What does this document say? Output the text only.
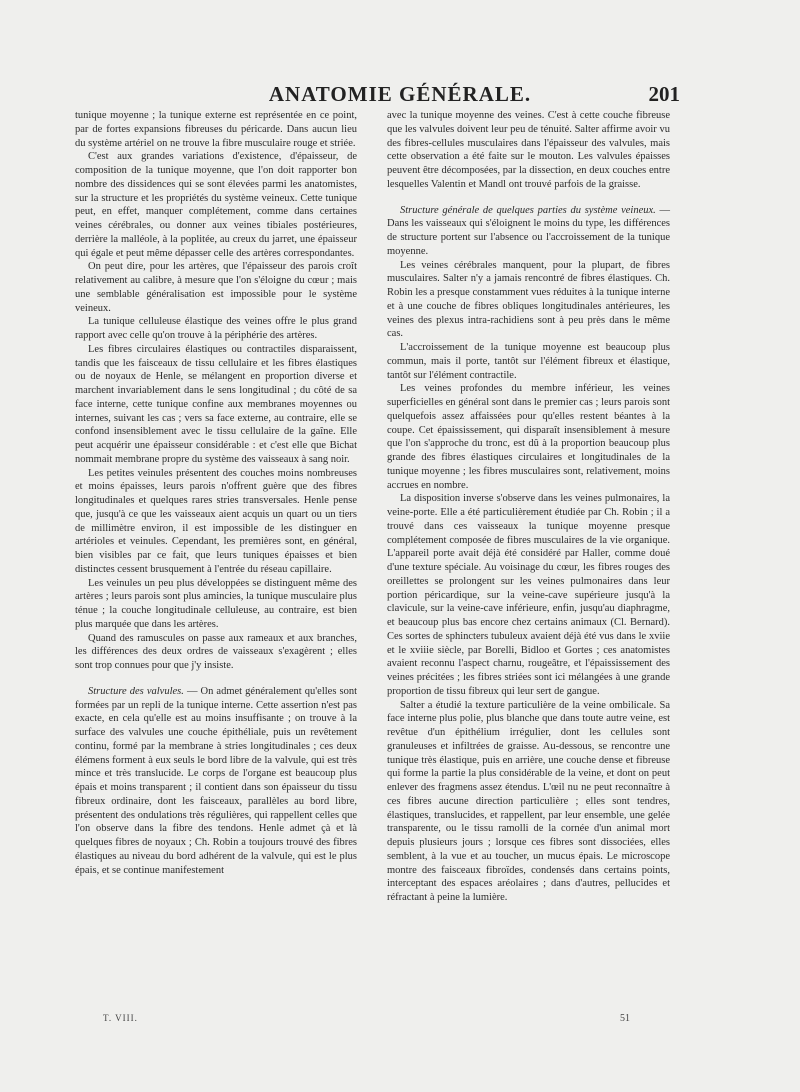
ANATOMIE GÉNÉRALE.	201

tunique moyenne ; la tunique externe est représentée en ce point, par de fortes expansions fibreuses du péricarde. Dans aucun lieu du système artériel on ne trouve la fibre musculaire rouge et striée.

C'est aux grandes variations d'existence, d'épaisseur, de composition de la tunique moyenne, que l'on doit rapporter bon nombre des dissidences qui se sont élevées parmi les anatomistes, sur la structure et les propriétés du système veineux. Cette tunique peut, en effet, manquer complétement, comme dans certaines veines cérébrales, ou donner aux veines tibiales postérieures, derrière la malléole, à la poplitée, au creux du jarret, une épaisseur qui égale et peut même dépasser celle des artères correspondantes.

On peut dire, pour les artères, que l'épaisseur des parois croît relativement au calibre, à mesure que l'on s'éloigne du cœur ; mais une semblable généralisation est impossible pour le système veineux.

La tunique celluleuse élastique des veines offre le plus grand rapport avec celle qu'on trouve à la périphérie des artères.

Les fibres circulaires élastiques ou contractiles disparaissent, tandis que les faisceaux de tissu cellulaire et les fibres élastiques ou de noyaux de Henle, se mélangent en proportion diverse et marchent invariablement dans le sens longitudinal ; du côté de sa face interne, cette tunique confine aux membranes moyennes ou internes, suivant les cas ; vers sa face externe, au contraire, elle se confond insensiblement avec le tissu cellulaire de la gaîne. Elle peut acquérir une épaisseur considérable : et c'est elle que Bichat nommait membrane propre du système des vaisseaux à sang noir.

Les petites veinules présentent des couches moins nombreuses et moins épaisses, leurs parois n'offrent guère que des fibres longitudinales et quelques rares stries transversales. Henle pense que, jusqu'à ce que les vaisseaux aient acquis un quart ou un tiers de millimètre environ, il est impossible de les distinguer en artérioles et veinules. Cependant, les premières sont, en général, bien visibles par ce fait, que leurs tuniques épaisses et bien distinctes cessent brusquement à l'entrée du réseau capillaire.

Les veinules un peu plus développées se distinguent même des artères ; leurs parois sont plus amincies, la tunique musculaire plus ténue ; la couche longitudinale celluleuse, au contraire, est bien plus marquée que dans les artères.

Quand des ramuscules on passe aux rameaux et aux branches, les différences des deux ordres de vaisseaux s'exagèrent ; elles sont trop connues pour que j'y insiste.

Structure des valvules. — On admet généralement qu'elles sont formées par un repli de la tunique interne. Cette assertion n'est pas exacte, en cela qu'elle est au moins insuffisante ; on trouve à la surface des valvules une couche épithéliale, puis un revêtement continu, formé par la membrane à stries longitudinales ; ces deux élémens forment à eux seuls le bord libre de la valvule, qui est très mince et très translucide. Le corps de l'organe est beaucoup plus épais et moins transparent ; il contient dans son épaisseur du tissu fibreux ordinaire, dont les faisceaux, parallèles au bord libre, présentent des ondulations très régulières, qui rappellent celles que l'on observe dans la fibre des tendons. Henle admet çà et là quelques fibres de noyaux ; Ch. Robin a toujours trouvé des fibres élastiques au niveau du bord adhérent de la valvule, qui est le plus épais, et se continue manifestement

avec la tunique moyenne des veines. C'est à cette couche fibreuse que les valvules doivent leur peu de ténuité. Salter affirme avoir vu des fibres-cellules musculaires dans l'épaisseur des valvules, mais cette observation a été faite sur le mouton. Les valvules épaisses peuvent être décomposées, par la dissection, en deux couches entre lesquelles Valentin et Mandl ont trouvé parfois de la graisse.

Structure générale de quelques parties du système veineux. — Dans les vaisseaux qui s'éloignent le moins du type, les différences de structure portent sur l'absence ou l'accroissement de la tunique moyenne.

Les veines cérébrales manquent, pour la plupart, de fibres musculaires. Salter n'y a jamais rencontré de fibres élastiques. Ch. Robin les a presque constamment vues réduites à la tunique interne et à une couche de fibres obliques longitudinales antérieures, les veines des plexus intra-rachidiens sont à peu près dans le même cas.

L'accroissement de la tunique moyenne est beaucoup plus commun, mais il porte, tantôt sur l'élément fibreux et élastique, tantôt sur l'élément contractile.

Les veines profondes du membre inférieur, les veines superficielles en général sont dans le premier cas ; leurs parois sont quelquefois assez affaissées pour qu'elles restent béantes à la coupe. Cet épaississement, qui disparaît insensiblement à mesure que l'on s'approche du tronc, est dû à la proportion beaucoup plus grande des fibres élastiques circulaires et longitudinales de la tunique moyenne ; les fibres musculaires sont, relativement, moins accrues en nombre.

La disposition inverse s'observe dans les veines pulmonaires, la veine-porte. Elle a été particulièrement étudiée par Ch. Robin ; il a trouvé dans ces vaisseaux la tunique moyenne presque complétement composée de fibres musculaires de la vie organique. L'appareil porte avait déjà été considéré par Haller, comme doué d'une texture spéciale. Au voisinage du cœur, les fibres rouges des oreillettes se prolongent sur les veines pulmonaires dans leur portion péricardique, sur la veine-cave supérieure jusqu'à la clavicule, sur la veine-cave inférieure, enfin, jusqu'au diaphragme, et beaucoup plus bas encore chez certains animaux (Cl. Bernard). Ces sortes de sphincters tubuleux avaient déjà été vus dans le xviie et le xviiie siècle, par Borelli, Bidloo et Gortes ; ces anatomistes avaient reconnu l'aspect charnu, rougeâtre, et l'épaississement des veines précitées ; les fibres striées sont ici mélangées à une grande proportion de tissu fibreux qui leur sert de gangue.

Salter a étudié la texture particulière de la veine ombilicale. Sa face interne plus polie, plus blanche que dans toute autre veine, est revêtue d'un épithélium irrégulier, dont les cellules sont granuleuses et infiltrées de graisse. Au-dessous, se rencontre une tunique très élastique, puis en arrière, une couche dense et fibreuse qui forme la partie la plus considérable de la veine, et dont on peut enlever des fragmens assez étendus. L'œil nu ne peut reconnaître à ces fibres aucune direction particulière ; elles sont tendres, élastiques, translucides, et rappellent, par leur ensemble, une gelée transparente, ou le tissu ramolli de la cornée d'un animal mort depuis plusieurs jours ; lorsque ces fibres sont dissociées, elles semblent, à la vue et au toucher, un mucus épais. Le microscope montre des faisceaux fibroïdes, condensés dans certains points, interceptant des espaces aréolaires ; dans d'autres, pellucides et réfractant à peine la lumière.

T. VIII.	51
